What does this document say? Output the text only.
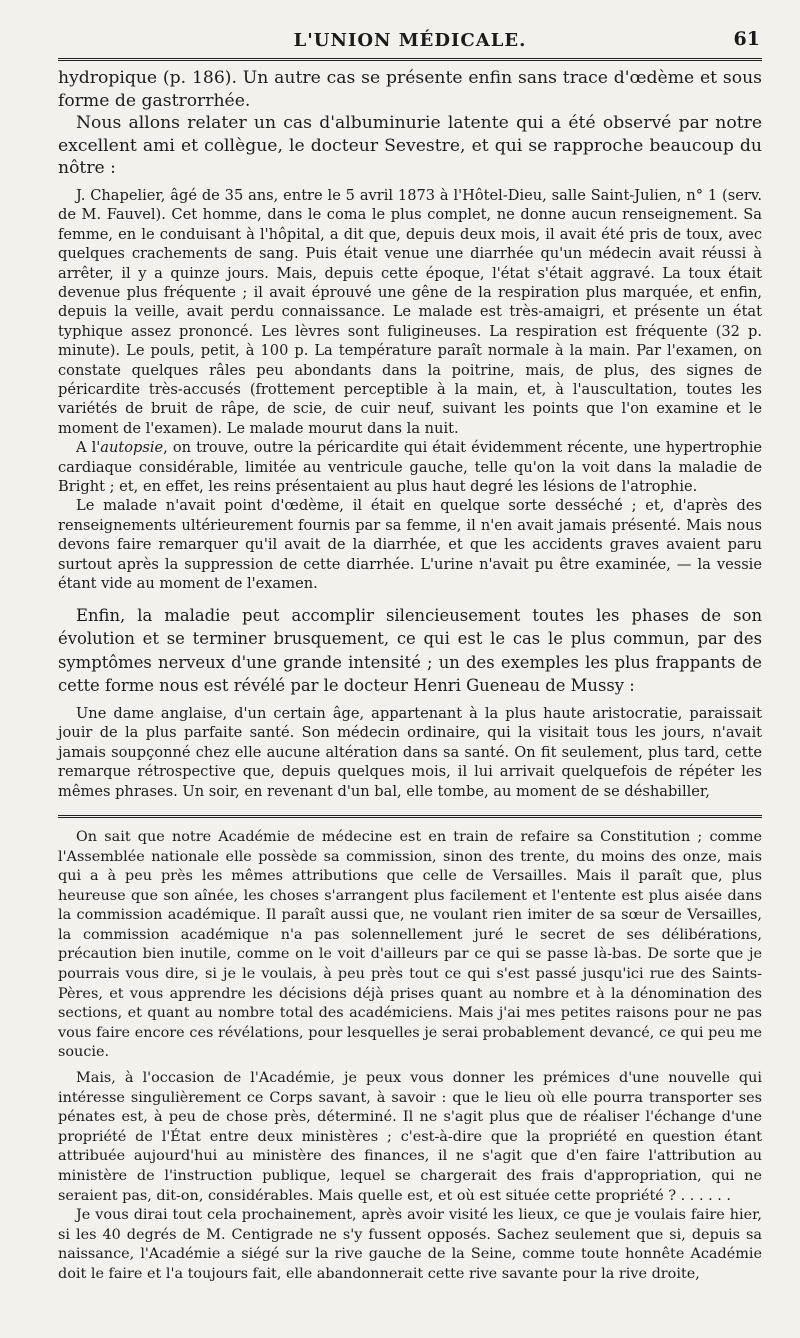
L'UNION MÉDICALE.	61

hydropique (p. 186). Un autre cas se présente enfin sans trace d'œdème et sous forme de gastrorrhée.

Nous allons relater un cas d'albuminurie latente qui a été observé par notre excellent ami et collègue, le docteur Sevestre, et qui se rapproche beaucoup du nôtre :

J. Chapelier, âgé de 35 ans, entre le 5 avril 1873 à l'Hôtel-Dieu, salle Saint-Julien, n° 1 (serv. de M. Fauvel). Cet homme, dans le coma le plus complet, ne donne aucun renseignement. Sa femme, en le conduisant à l'hôpital, a dit que, depuis deux mois, il avait été pris de toux, avec quelques crachements de sang. Puis était venue une diarrhée qu'un médecin avait réussi à arrêter, il y a quinze jours. Mais, depuis cette époque, l'état s'était aggravé. La toux était devenue plus fréquente ; il avait éprouvé une gêne de la respiration plus marquée, et enfin, depuis la veille, avait perdu connaissance. Le malade est très-amaigri, et présente un état typhique assez prononcé. Les lèvres sont fuligineuses. La respiration est fréquente (32 p. minute). Le pouls, petit, à 100 p. La température paraît normale à la main. Par l'examen, on constate quelques râles peu abondants dans la poitrine, mais, de plus, des signes de péricardite très-accusés (frottement perceptible à la main, et, à l'auscultation, toutes les variétés de bruit de râpe, de scie, de cuir neuf, suivant les points que l'on examine et le moment de l'examen). Le malade mourut dans la nuit.

A l'autopsie, on trouve, outre la péricardite qui était évidemment récente, une hypertrophie cardiaque considérable, limitée au ventricule gauche, telle qu'on la voit dans la maladie de Bright ; et, en effet, les reins présentaient au plus haut degré les lésions de l'atrophie.

Le malade n'avait point d'œdème, il était en quelque sorte desséché ; et, d'après des renseignements ultérieurement fournis par sa femme, il n'en avait jamais présenté. Mais nous devons faire remarquer qu'il avait de la diarrhée, et que les accidents graves avaient paru surtout après la suppression de cette diarrhée. L'urine n'avait pu être examinée, — la vessie étant vide au moment de l'examen.

Enfin, la maladie peut accomplir silencieusement toutes les phases de son évolution et se terminer brusquement, ce qui est le cas le plus commun, par des symptômes nerveux d'une grande intensité ; un des exemples les plus frappants de cette forme nous est révélé par le docteur Henri Gueneau de Mussy :

Une dame anglaise, d'un certain âge, appartenant à la plus haute aristocratie, paraissait jouir de la plus parfaite santé. Son médecin ordinaire, qui la visitait tous les jours, n'avait jamais soupçonné chez elle aucune altération dans sa santé. On fit seulement, plus tard, cette remarque rétrospective que, depuis quelques mois, il lui arrivait quelquefois de répéter les mêmes phrases. Un soir, en revenant d'un bal, elle tombe, au moment de se déshabiller,

On sait que notre Académie de médecine est en train de refaire sa Constitution ; comme l'Assemblée nationale elle possède sa commission, sinon des trente, du moins des onze, mais qui a à peu près les mêmes attributions que celle de Versailles. Mais il paraît que, plus heureuse que son aînée, les choses s'arrangent plus facilement et l'entente est plus aisée dans la commission académique. Il paraît aussi que, ne voulant rien imiter de sa sœur de Versailles, la commission académique n'a pas solennellement juré le secret de ses délibérations, précaution bien inutile, comme on le voit d'ailleurs par ce qui se passe là-bas. De sorte que je pourrais vous dire, si je le voulais, à peu près tout ce qui s'est passé jusqu'ici rue des Saints-Pères, et vous apprendre les décisions déjà prises quant au nombre et à la dénomination des sections, et quant au nombre total des académiciens. Mais j'ai mes petites raisons pour ne pas vous faire encore ces révélations, pour lesquelles je serai probablement devancé, ce qui peu me soucie.

Mais, à l'occasion de l'Académie, je peux vous donner les prémices d'une nouvelle qui intéresse singulièrement ce Corps savant, à savoir : que le lieu où elle pourra transporter ses pénates est, à peu de chose près, déterminé. Il ne s'agit plus que de réaliser l'échange d'une propriété de l'État entre deux ministères ; c'est-à-dire que la propriété en question étant attribuée aujourd'hui au ministère des finances, il ne s'agit que d'en faire l'attribution au ministère de l'instruction publique, lequel se chargerait des frais d'appropriation, qui ne seraient pas, dit-on, considérables. Mais quelle est, et où est située cette propriété ? . . . . . .

Je vous dirai tout cela prochainement, après avoir visité les lieux, ce que je voulais faire hier, si les 40 degrés de M. Centigrade ne s'y fussent opposés. Sachez seulement que si, depuis sa naissance, l'Académie a siégé sur la rive gauche de la Seine, comme toute honnête Académie doit le faire et l'a toujours fait, elle abandonnerait cette rive savante pour la rive droite,
